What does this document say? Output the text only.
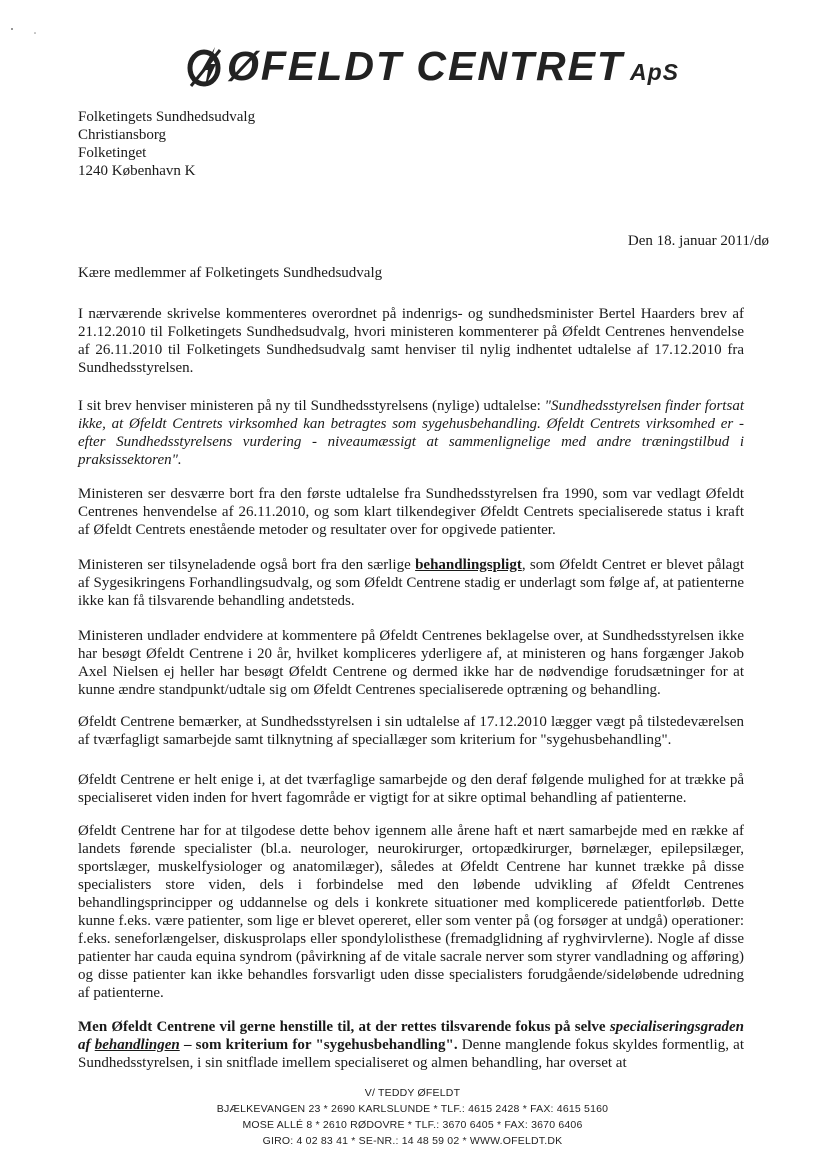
ØFELDT CENTRET ApS
Folketingets Sundhedsudvalg
Christiansborg
Folketinget
1240 København K
Den 18. januar 2011/dø
Kære medlemmer af Folketingets Sundhedsudvalg
I nærværende skrivelse kommenteres overordnet på indenrigs- og sundhedsminister Bertel Haarders brev af 21.12.2010 til Folketingets Sundhedsudvalg, hvori ministeren kommenterer på Øfeldt Centrenes henvendelse af 26.11.2010 til Folketingets Sundhedsudvalg samt henviser til nylig indhentet udtalelse af 17.12.2010 fra Sundhedsstyrelsen.
I sit brev henviser ministeren på ny til Sundhedsstyrelsens (nylige) udtalelse: "Sundhedsstyrelsen finder fortsat ikke, at Øfeldt Centrets virksomhed kan betragtes som sygehusbehandling. Øfeldt Centrets virksomhed er - efter Sundhedsstyrelsens vurdering - niveaumæssigt at sammenlignelige med andre træningstilbud i praksissektoren".
Ministeren ser desværre bort fra den første udtalelse fra Sundhedsstyrelsen fra 1990, som var vedlagt Øfeldt Centrenes henvendelse af 26.11.2010, og som klart tilkendegiver Øfeldt Centrets specialiserede status i kraft af Øfeldt Centrets enestående metoder og resultater over for opgivede patienter.
Ministeren ser tilsyneladende også bort fra den særlige behandlingspligt, som Øfeldt Centret er blevet pålagt af Sygesikringens Forhandlingsudvalg, og som Øfeldt Centrene stadig er underlagt som følge af, at patienterne ikke kan få tilsvarende behandling andetsteds.
Ministeren undlader endvidere at kommentere på Øfeldt Centrenes beklagelse over, at Sundhedsstyrelsen ikke har besøgt Øfeldt Centrene i 20 år, hvilket kompliceres yderligere af, at ministeren og hans forgænger Jakob Axel Nielsen ej heller har besøgt Øfeldt Centrene og dermed ikke har de nødvendige forudsætninger for at kunne ændre standpunkt/udtale sig om Øfeldt Centrenes specialiserede optræning og behandling.
Øfeldt Centrene bemærker, at Sundhedsstyrelsen i sin udtalelse af 17.12.2010 lægger vægt på tilstedeværelsen af tværfagligt samarbejde samt tilknytning af speciallæger som kriterium for "sygehusbehandling".
Øfeldt Centrene er helt enige i, at det tværfaglige samarbejde og den deraf følgende mulighed for at trække på specialiseret viden inden for hvert fagområde er vigtigt for at sikre optimal behandling af patienterne.
Øfeldt Centrene har for at tilgodese dette behov igennem alle årene haft et nært samarbejde med en række af landets førende specialister (bl.a. neurologer, neurokirurger, ortopædkirurger, børnelæger, epilepsilæger, sportslæger, muskelfysiologer og anatomilæger), således at Øfeldt Centrene har kunnet trække på disse specialisters store viden, dels i forbindelse med den løbende udvikling af Øfeldt Centrenes behandlingsprincipper og uddannelse og dels i konkrete situationer med komplicerede patientforløb. Dette kunne f.eks. være patienter, som lige er blevet opereret, eller som venter på (og forsøger at undgå) operationer: f.eks. seneforlængelser, diskusprolaps eller spondylolisthese (fremadglidning af ryghvirvlerne). Nogle af disse patienter har cauda equina syndrom (påvirkning af de vitale sacrale nerver som styrer vandladning og afføring) og disse patienter kan ikke behandles forsvarligt uden disse specialisters forudgående/sideløbende udredning af patienterne.
Men Øfeldt Centrene vil gerne henstille til, at der rettes tilsvarende fokus på selve specialiseringsgraden af behandlingen – som kriterium for "sygehusbehandling". Denne manglende fokus skyldes formentlig, at Sundhedsstyrelsen, i sin snitflade imellem specialiseret og almen behandling, har overset at
V/ TEDDY ØFELDT
BJÆLKEVANGEN 23 * 2690 KARLSLUNDE * TLF.: 4615 2428 * FAX: 4615 5160
MOSE ALLÉ 8 * 2610 RØDOVRE * TLF.: 3670 6405 * FAX: 3670 6406
GIRO: 4 02 83 41 * SE-NR.: 14 48 59 02 * WWW.OFELDT.DK
